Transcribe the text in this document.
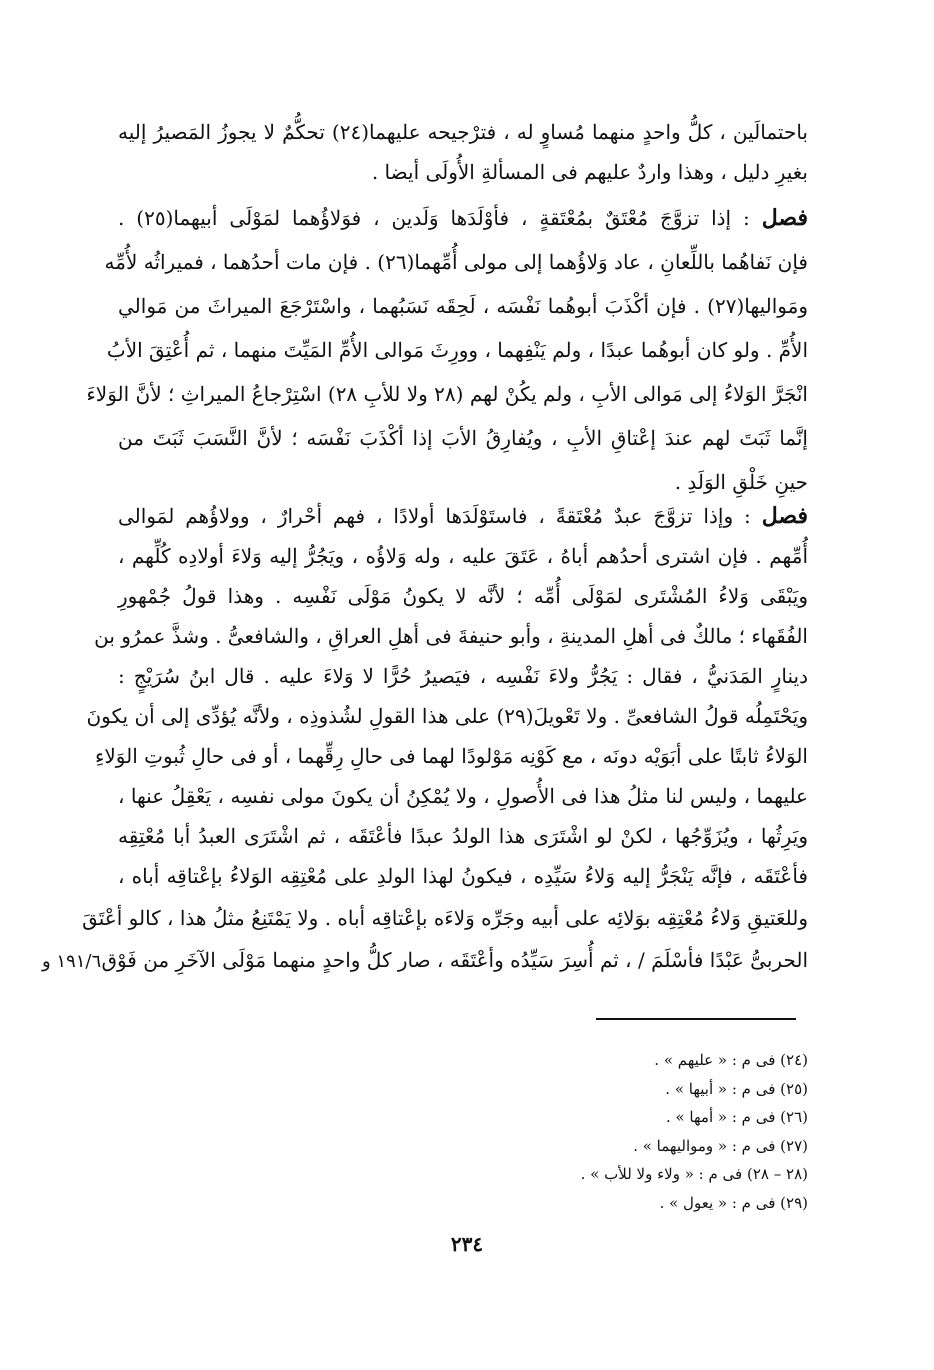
باحتمالَين ، كلُّ واحدٍ منهما مُساوٍ له ، فترْجيحه عليهما(٢٤) تحكُّمٌ لا يجوزُ المَصيرُ إليه
بغيرِ دليل ، وهذا واردٌ عليهم فى المسألةِ الأُولَى أيضا .
فصل : إذا تزوَّجَ مُعْتَقٌ بمُعْتَقةٍ ، فأوْلَدَها وَلَدين ، فوَلاؤُهما لمَوْلَى أبيهما(٢٥) .
فإن نَفاهُما باللِّعانِ ، عاد وَلاؤُهما إلى مولى أُمِّهما(٢٦) . فإن مات أحدُهما ، فميراثُه لأُمِّه
ومَواليها(٢٧) . فإن أكْذَبَ أبوهُما نَفْسَه ، لَحِقَه نَسَبُهما ، واسْتَرْجَعَ الميراثَ من مَوالي
الأُمِّ . ولو كان أبوهُما عبدًا ، ولم يَنْفِهما ، وورِثَ مَوالى الأُمِّ المَيِّتَ منهما ، ثم أُعْتِقَ الأبُ
انْجَرَّ الوَلاءُ إلى مَوالى الأبِ ، ولم يكُنْ لهم (٢٨ ولا للأبِ ٢٨) اسْتِرْجاعُ الميراثِ ؛ لأنَّ الوَلاءَ
إنَّما ثَبَتَ لهم عندَ إعْتاقِ الأبِ ، ويُفارِقُ الأبَ إذا أكْذَبَ نَفْسَه ؛ لأنَّ النَّسَبَ ثَبَتَ من
حينِ خَلْقِ الوَلَدِ .
فصل : وإذا تزوَّجَ عبدٌ مُعْتَقةً ، فاستَوْلَدَها أولادًا ، فهم أحْرارٌ ، وولاؤُهم لمَوالى
أُمِّهم . فإن اشترى أحدُهم أباهُ ، عَتَقَ عليه ، وله وَلاؤُه ، ويَجُرُّ إليه وَلاءَ أولادِه كُلِّهم ،
ويَبْقَى وَلاءُ المُشْتَرى لمَوْلَى أُمِّه ؛ لأنَّه لا يكونُ مَوْلَى نَفْسِه . وهذا قولُ جُمْهورِ
الفُقَهاء ؛ مالكٌ فى أهلِ المدينةِ ، وأبو حنيفةَ فى أهلِ العراقِ ، والشافعىُّ . وشذَّ عمرُو بن
دينارٍ المَدَنيُّ ، فقال : يَجُرُّ ولاءَ نَفْسِه ، فيَصيرُ حُرًّا لا وَلاءَ عليه . قال ابنُ سُرَيْجٍ :
ويَحْتَمِلُه قولُ الشافعىِّ . ولا تَعْويلَ(٢٩) على هذا القولِ لشُذوذِه ، ولأنَّه يُؤدِّى إلى أن يكونَ
الوَلاءُ ثابتًا على أبَوَيْه دونَه ، مع كَوْنِه مَوْلودًا لهما فى حالِ رِقِّهما ، أو فى حالِ ثُبوتِ الوَلاءِ
عليهما ، وليس لنا مثلُ هذا فى الأُصولِ ، ولا يُمْكِنُ أن يكونَ مولى نفسِه ، يَعْقِلُ عنها ،
ويَرِثُها ، ويُزَوِّجُها ، لكنْ لو اشْتَرَى هذا الولدُ عبدًا فأعْتَقَه ، ثم اشْتَرَى العبدُ أبا مُعْتِقِه
فأعْتَقَه ، فإنَّه يَنْجَرُّ إليه وَلاءُ سَيِّدِه ، فيكونُ لهذا الولدِ على مُعْتِقِه الوَلاءُ بإعْتاقِه أباه ،
وللعَتيقِ وَلاءُ مُعْتِقِه بوَلائِه على أبيه وجَرِّه وَلاءَه بإعْتاقِه أباه . ولا يَمْتَنِعُ مثلُ هذا ، كالو أعْتَقَ
الحربىُّ عَبْدًا فأسْلَمَ / ، ثم أُسِرَ سَيِّدُه وأعْتَقَه ، صار كلُّ واحدٍ منهما مَوْلَى الآخَرِ من فَوْق
١٩١/٦ و
(٢٤) فى م : « عليهم » .
(٢٥) فى م : « أبيها » .
(٢٦) فى م : « أمها » .
(٢٧) فى م : « ومواليهما » .
(٢٨ – ٢٨) فى م : « ولاء ولا للأب » .
(٢٩) فى م : « يعول » .
٢٣٤
